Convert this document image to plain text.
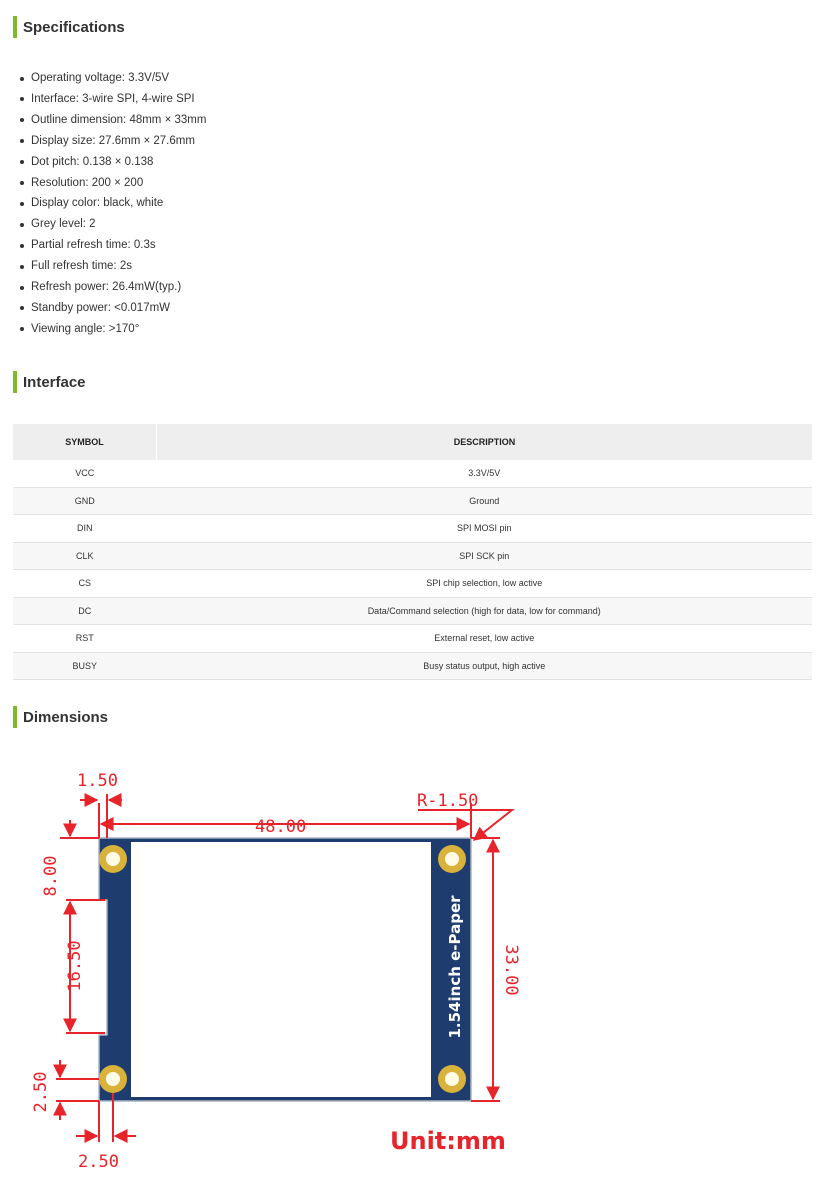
Specifications
Operating voltage: 3.3V/5V
Interface: 3-wire SPI, 4-wire SPI
Outline dimension: 48mm × 33mm
Display size: 27.6mm × 27.6mm
Dot pitch: 0.138 × 0.138
Resolution: 200 × 200
Display color: black, white
Grey level: 2
Partial refresh time: 0.3s
Full refresh time: 2s
Refresh power: 26.4mW(typ.)
Standby power: <0.017mW
Viewing angle: >170°
Interface
SYMBOL	DESCRIPTION
VCC	3.3V/5V
GND	Ground
DIN	SPI MOSI pin
CLK	SPI SCK pin
CS	SPI chip selection, low active
DC	Data/Command selection (high for data, low for command)
RST	External reset, low active
BUSY	Busy status output, high active
Dimensions
1.54inch e-Paper
1.50
R-1.50
48.00
33.00
8.00
16.50
2.50
2.50
Unit:mm
